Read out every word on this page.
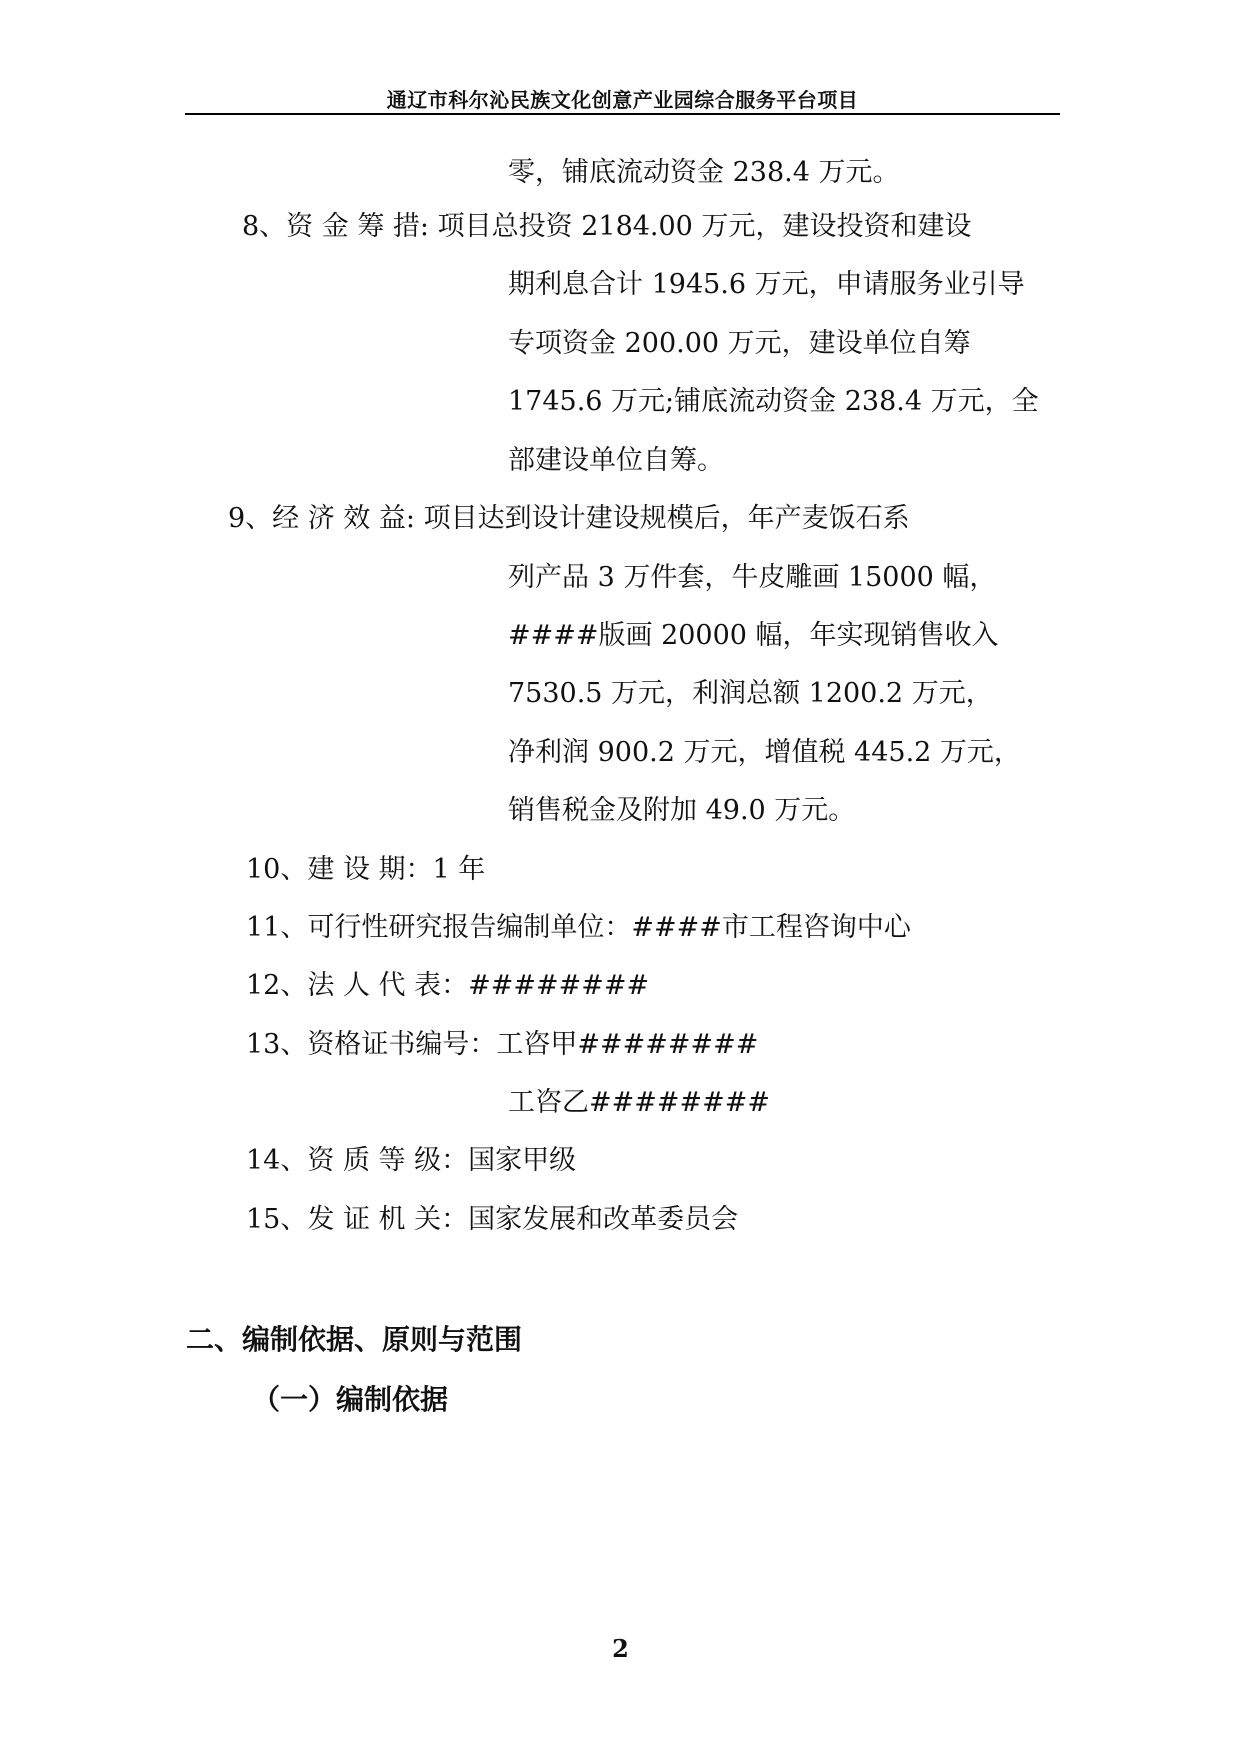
通辽市科尔沁民族文化创意产业园综合服务平台项目
零，铺底流动资金 238.4 万元。
8、资 金 筹 措: 项目总投资 2184.00 万元，建设投资和建设
期利息合计 1945.6 万元，申请服务业引导
专项资金 200.00 万元，建设单位自筹
1745.6 万元;铺底流动资金 238.4 万元，全
部建设单位自筹。
9、经 济 效 益: 项目达到设计建设规模后，年产麦饭石系
列产品 3 万件套，牛皮雕画 15000 幅，
####版画 20000 幅，年实现销售收入
7530.5 万元，利润总额 1200.2 万元，
净利润 900.2 万元，增值税 445.2 万元，
销售税金及附加 49.0 万元。
10、建 设 期：1 年
11、可行性研究报告编制单位：####市工程咨询中心
12、法 人 代 表：########
13、资格证书编号：工咨甲########
工咨乙########
14、资 质 等 级：国家甲级
15、发 证 机 关：国家发展和改革委员会
二、编制依据、原则与范围
（一）编制依据
2
